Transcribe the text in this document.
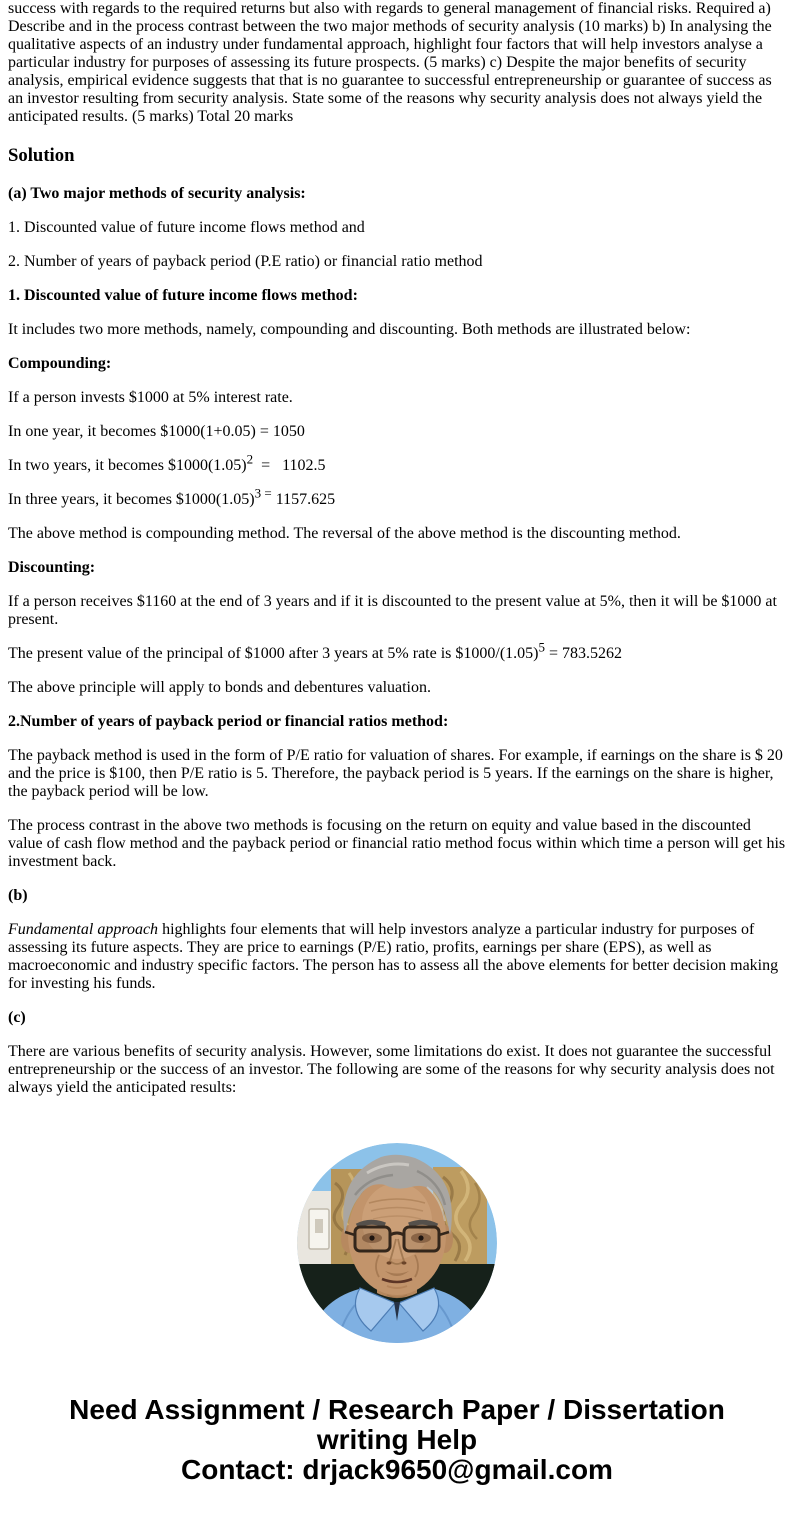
success with regards to the required returns but also with regards to general management of financial risks. Required a) Describe and in the process contrast between the two major methods of security analysis (10 marks) b) In analysing the qualitative aspects of an industry under fundamental approach, highlight four factors that will help investors analyse a particular industry for purposes of assessing its future prospects. (5 marks) c) Despite the major benefits of security analysis, empirical evidence suggests that that is no guarantee to successful entrepreneurship or guarantee of success as an investor resulting from security analysis. State some of the reasons why security analysis does not always yield the anticipated results. (5 marks) Total 20 marks

Solution

(a) Two major methods of security analysis:

1. Discounted value of future income flows method and

2. Number of years of payback period (P.E ratio) or financial ratio method

1. Discounted value of future income flows method:

It includes two more methods, namely, compounding and discounting. Both methods are illustrated below:

Compounding:

If a person invests $1000 at 5% interest rate.

In one year, it becomes $1000(1+0.05) = 1050

In two years, it becomes $\$1000(1.05)^2 = 1102.5$

In three years, it becomes $\$1000(1.05)^{3 =}$ 1157.625

The above method is compounding method. The reversal of the above method is the discounting method.

Discounting:

If a person receives $1160 at the end of 3 years and if it is discounted to the present value at 5%, then it will be $1000 at present.

The present value of the principal of $1000 after 3 years at 5% rate is $\$1000/(1.05)^5 = 783.5262$

The above principle will apply to bonds and debentures valuation.

2.Number of years of payback period or financial ratios method:

The payback method is used in the form of P/E ratio for valuation of shares. For example, if earnings on the share is $ 20 and the price is $100, then P/E ratio is 5. Therefore, the payback period is 5 years. If the earnings on the share is higher, the payback period will be low.

The process contrast in the above two methods is focusing on the return on equity and value based in the discounted value of cash flow method and the payback period or financial ratio method focus within which time a person will get his investment back.

(b)

Fundamental approach highlights four elements that will help investors analyze a particular industry for purposes of assessing its future aspects. They are price to earnings (P/E) ratio, profits, earnings per share (EPS), as well as macroeconomic and industry specific factors. The person has to assess all the above elements for better decision making for investing his funds.

(c)

There are various benefits of security analysis. However, some limitations do exist. It does not guarantee the successful entrepreneurship or the success of an investor. The following are some of the reasons for why security analysis does not always yield the anticipated results:

Need Assignment / Research Paper / Dissertation
writing Help
Contact: drjack9650@gmail.com
